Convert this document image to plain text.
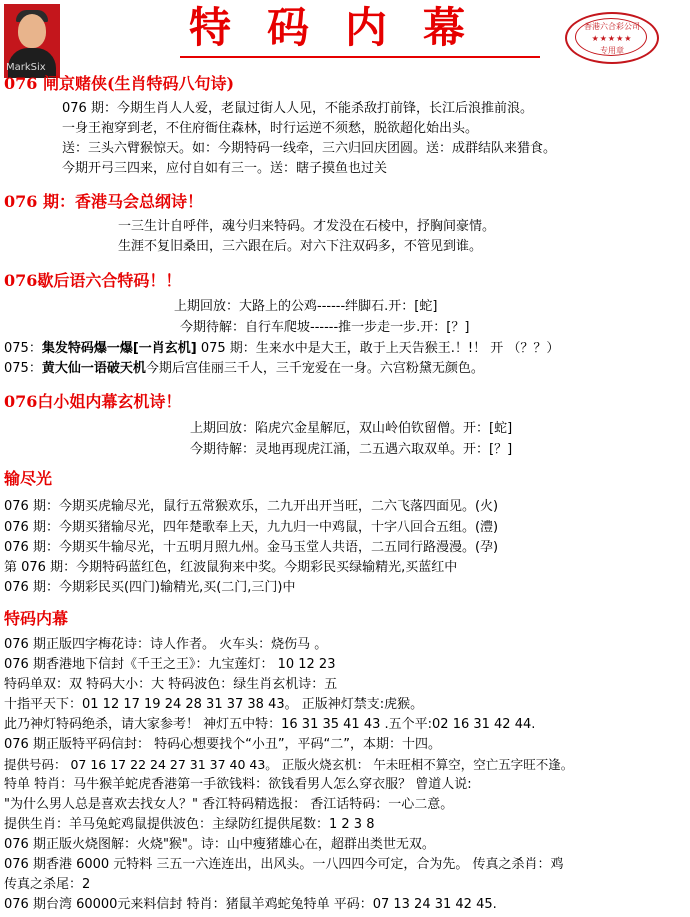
MarkSix
特码内幕	香港六合彩公司
★★★★★
专用章
076 闸京赌侠(生肖特码八句诗)
076 期：今期生肖人人爱，老鼠过街人人见，不能杀敌打前锋，长江后浪推前浪。
一身王袍穿到老，不住府衙住森林，时行运逆不须愁，脱欲超化始出头。
送：三头六臂猴惊天。如：今期特码一线牵，三六归回庆团圆。送：成群结队来猎食。
今期开弓三四来，应付自如有三一。送：瞎子摸鱼也过关
076 期：香港马会总纲诗！
一三生计自呼伴，魂兮归来特码。才发没在石棱中，抒胸间豪情。
生涯不复旧桑田，三六跟在后。对六下注双码多，不管见到谁。
076歇后语六合特码！！
上期回放：大路上的公鸡------绊脚石.开：[蛇]
今期待解：自行车爬坡------推一步走一步.开：[？]
075：集发特码爆一爆[一肖玄机] 075 期：生来水中是大王，敢于上天告猴王.！!！ 开 （？？）
075：黄大仙一语破天机今期后宫佳丽三千人，三千宠爱在一身。六宫粉黛无颜色。
076白小姐内幕玄机诗！
上期回放：陷虎穴金星解厄，双山岭伯钦留僧。开：[蛇]
今期待解：灵地再现虎江涌，二五遇六取双单。开：[？]
输尽光
076 期：今期买虎输尽光，鼠行五常猴欢乐，二九开出开当旺，二六飞落四面见。(火)
076 期：今期买猪输尽光，四年楚歌奉上天，九九归一中鸡鼠，十字八回合五组。(澧)
076 期：今期买牛输尽光，十五明月照九州。金马玉堂人共语，二五同行路漫漫。(孕)
第 076 期：今期特码蓝红色，红波鼠狗来中奖。今期彩民买绿输精光,买蓝红中
076 期：今期彩民买(四门)输精光,买(二门,三门)中
特码内幕
076 期正版四字梅花诗：诗人作者。 火车头：烧伤马 。
076 期香港地下信封《千王之王》：九宝莲灯： 10 12 23
特码单双：双 特码大小：大 特码波色：绿生肖玄机诗：五
十指平天下：01 12 17 19 24 28 31 37 38 43。 正版神灯禁支:虎猴。
此乃神灯特码绝杀，请大家参考！ 神灯五中特：16 31 35 41 43 .五个平:02 16 31 42 44.
076 期正版特平码信封： 特码心想要找个“小丑”，平码“二”，本期：十四。
提供号码： 07 16 17 22 24 27 31 37 40 43。 正版火烧玄机： 午未旺相不算空，空亡五字旺不逢。
特单 特肖：马牛猴羊蛇虎香港第一手欲钱料：欲钱看男人怎么穿衣服？ 曾道人说:
"为什么男人总是喜欢去找女人？" 香江特码精选报： 香江话特码：一心二意。
提供生肖：羊马兔蛇鸡鼠提供波色：主绿防红提供尾数：1 2 3 8
076 期正版火烧图解：火烧"猴"。诗：山中瘦猪雄心在，超群出类世无双。
076 期香港 6000 元特料 三五一六连连出，出风头。一八四四今可定，合为先。 传真之杀肖：鸡
传真之杀尾：2
076 期台湾 60000元来料信封 特肖：猪鼠羊鸡蛇兔特单 平码：07 13 24 31 42 45.
